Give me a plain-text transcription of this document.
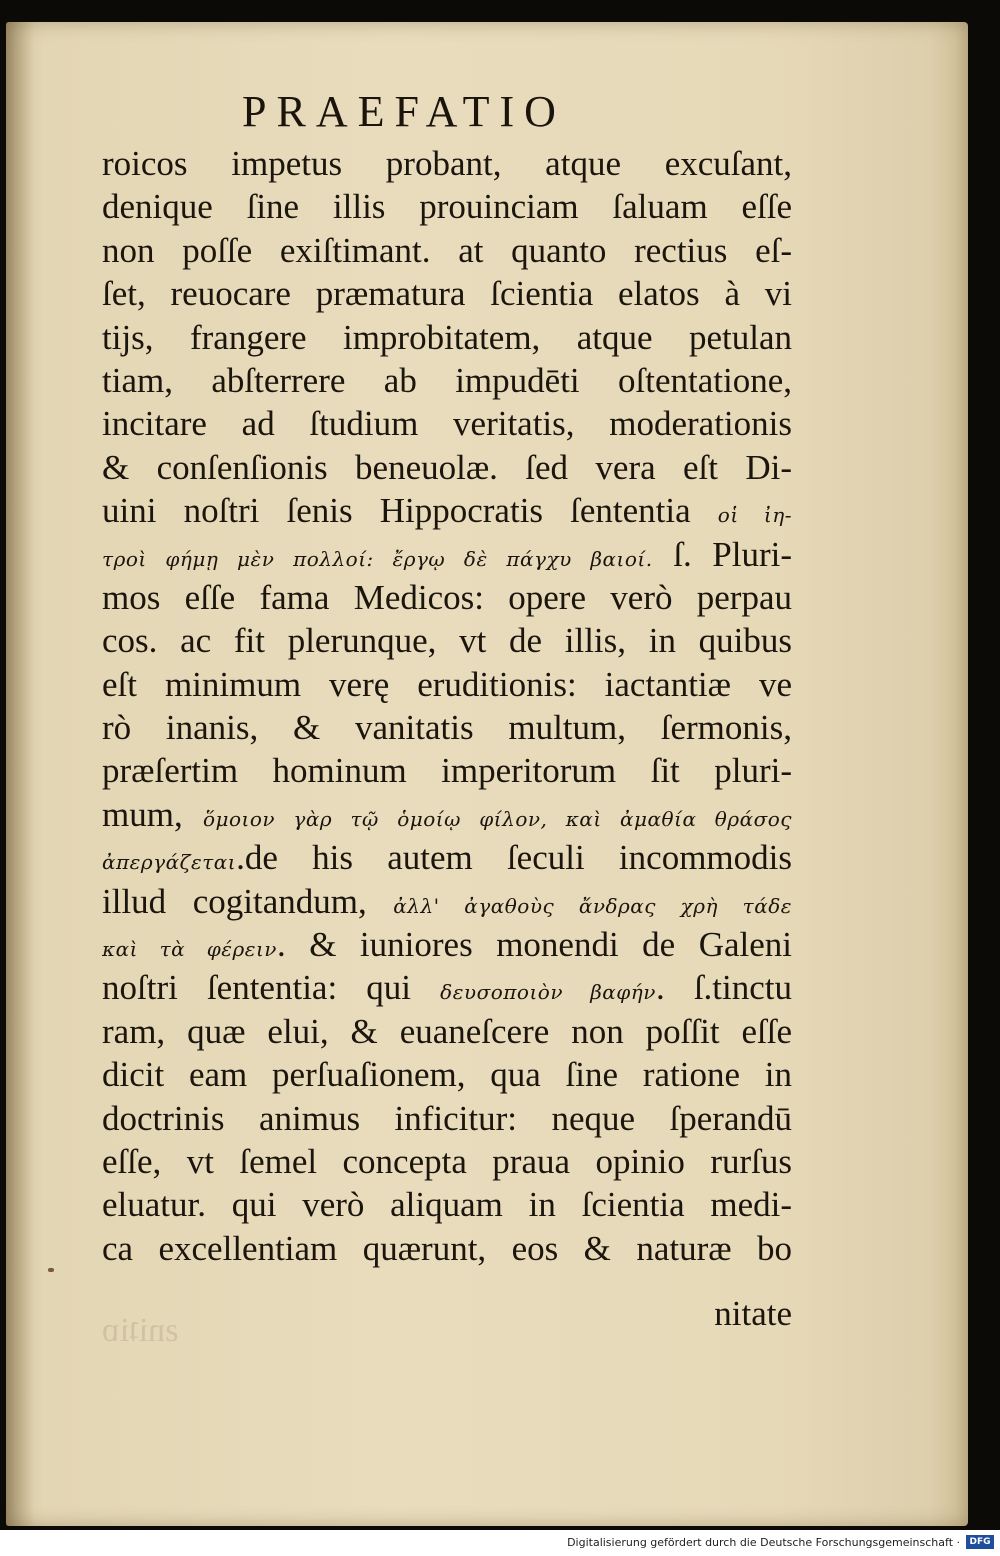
PRAEFATIO
roicos impetus probant, atque excuſant,
denique ſine illis prouinciam ſaluam eſſe
non poſſe exiſtimant. at quanto rectius eſ-
ſet, reuocare præmatura ſcientia elatos à vi
tijs, frangere improbitatem, atque petulan
tiam, abſterrere ab impudēti oſtentatione,
incitare ad ſtudium veritatis, moderationis
& conſenſionis beneuolæ. ſed vera eſt Di-
uini noſtri ſenis Hippocratis ſententia οἱ ἰη-
τροὶ φήμῃ μὲν πολλοί: ἔργῳ δὲ πάγχυ βαιοί. ſ. Pluri-
mos eſſe fama Medicos: opere verò perpau
cos. ac fit plerunque, vt de illis, in quibus
eſt minimum verę eruditionis: iactantiæ ve
rò inanis, & vanitatis multum, ſermonis,
præſertim hominum imperitorum ſit pluri-
mum, ὅμοιον γὰρ τῷ ὁμοίῳ φίλον, καὶ ἀμαθία θράσος
ἀπεργάζεται.de his autem ſeculi incommodis
illud cogitandum, ἀλλ' ἀγαθοὺς ἄνδρας χρὴ τάδε
καὶ τὰ φέρειν. & iuniores monendi de Galeni
noſtri ſententia: qui δευσοποιὸν βαφήν. ſ.tinctu
ram, quæ elui, & euaneſcere non poſſit eſſe
dicit eam perſuaſionem, qua ſine ratione in
doctrinis animus inficitur: neque ſperandū
eſſe, vt ſemel concepta praua opinio rurſus
eluatur. qui verò aliquam in ſcientia medi-
ca excellentiam quærunt, eos & naturæ bo
nitate
ƨniʇiɒ
Digitalisierung gefördert durch die Deutsche Forschungsgemeinschaft ·	DFG
